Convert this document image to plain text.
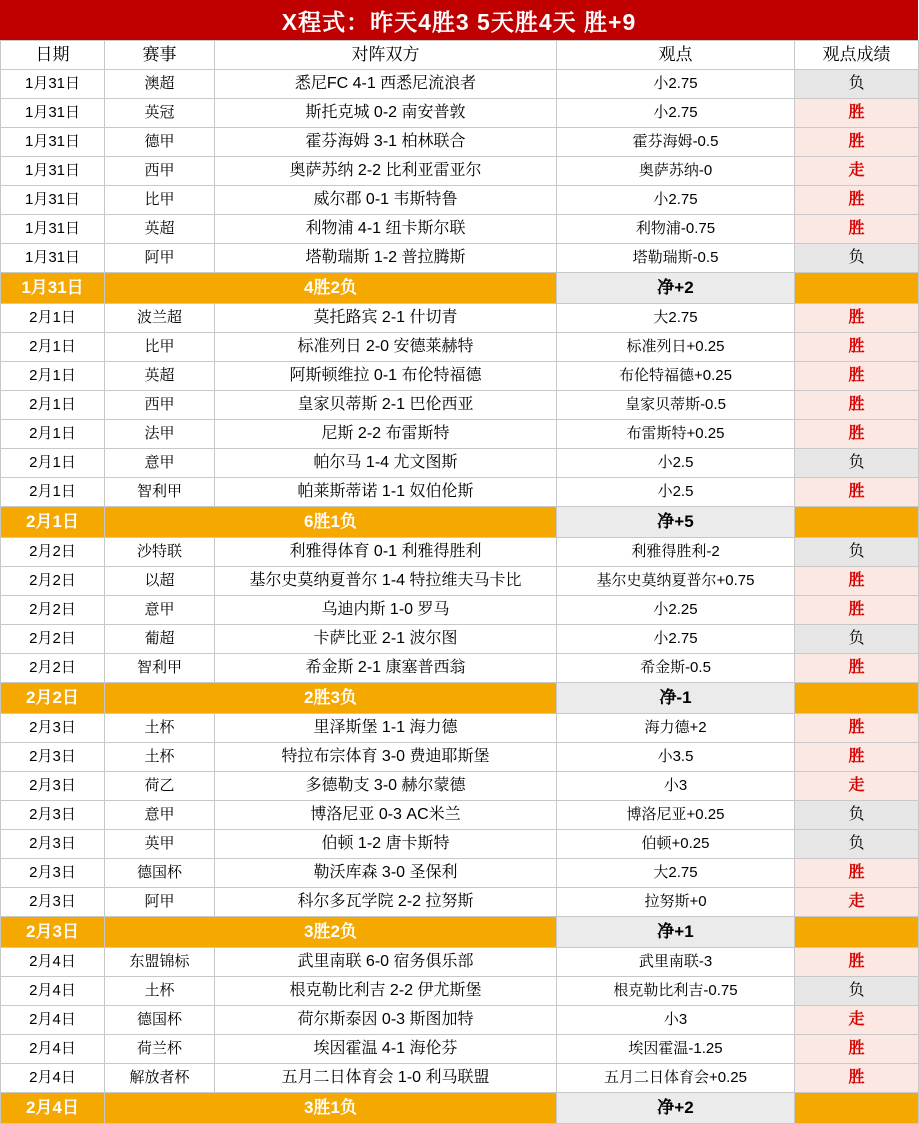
X程式：昨天4胜3 5天胜4天 胜+9
日期	赛事	对阵双方	观点	观点成绩
1月31日	澳超	悉尼FC 4-1 西悉尼流浪者	小2.75	负
1月31日	英冠	斯托克城 0-2 南安普敦	小2.75	胜
1月31日	德甲	霍芬海姆 3-1 柏林联合	霍芬海姆-0.5	胜
1月31日	西甲	奥萨苏纳 2-2 比利亚雷亚尔	奥萨苏纳-0	走
1月31日	比甲	威尔郡 0-1 韦斯特鲁	小2.75	胜
1月31日	英超	利物浦 4-1 纽卡斯尔联	利物浦-0.75	胜
1月31日	阿甲	塔勒瑞斯 1-2 普拉腾斯	塔勒瑞斯-0.5	负
1月31日	4胜2负		净+2	
2月1日	波兰超	莫托路宾 2-1 什切青	大2.75	胜
2月1日	比甲	标准列日 2-0 安德莱赫特	标准列日+0.25	胜
2月1日	英超	阿斯顿维拉 0-1 布伦特福德	布伦特福德+0.25	胜
2月1日	西甲	皇家贝蒂斯 2-1 巴伦西亚	皇家贝蒂斯-0.5	胜
2月1日	法甲	尼斯 2-2 布雷斯特	布雷斯特+0.25	胜
2月1日	意甲	帕尔马 1-4 尤文图斯	小2.5	负
2月1日	智利甲	帕莱斯蒂诺 1-1 奴伯伦斯	小2.5	胜
2月1日	6胜1负		净+5	
2月2日	沙特联	利雅得体育 0-1 利雅得胜利	利雅得胜利-2	负
2月2日	以超	基尔史莫纳夏普尔 1-4 特拉维夫马卡比	基尔史莫纳夏普尔+0.75	胜
2月2日	意甲	乌迪内斯 1-0 罗马	小2.25	胜
2月2日	葡超	卡萨比亚 2-1 波尔图	小2.75	负
2月2日	智利甲	希金斯 2-1 康塞普西翁	希金斯-0.5	胜
2月2日	2胜3负		净-1	
2月3日	土杯	里泽斯堡 1-1 海力德	海力德+2	胜
2月3日	土杯	特拉布宗体育 3-0 费迪耶斯堡	小3.5	胜
2月3日	荷乙	多德勒支 3-0 赫尔蒙德	小3	走
2月3日	意甲	博洛尼亚 0-3 AC米兰	博洛尼亚+0.25	负
2月3日	英甲	伯顿 1-2 唐卡斯特	伯顿+0.25	负
2月3日	德国杯	勒沃库森 3-0 圣保利	大2.75	胜
2月3日	阿甲	科尔多瓦学院 2-2 拉努斯	拉努斯+0	走
2月3日	3胜2负		净+1	
2月4日	东盟锦标	武里南联 6-0 宿务俱乐部	武里南联-3	胜
2月4日	土杯	根克勒比利吉 2-2 伊尤斯堡	根克勒比利吉-0.75	负
2月4日	德国杯	荷尔斯泰因 0-3 斯图加特	小3	走
2月4日	荷兰杯	埃因霍温 4-1 海伦芬	埃因霍温-1.25	胜
2月4日	解放者杯	五月二日体育会 1-0 利马联盟	五月二日体育会+0.25	胜
2月4日	3胜1负		净+2	
